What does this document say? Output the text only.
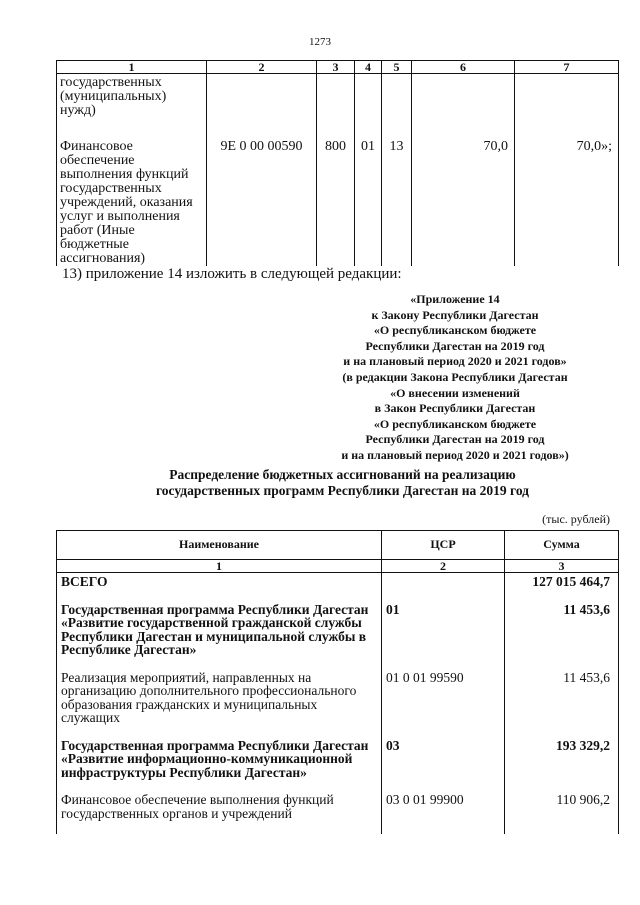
1273
1	2	3	4	5	6	7
государственных (муниципальных) нужд)						

Финансовое обеспечение выполнения функций государственных учреждений, оказания услуг и выполнения работ (Иные бюджетные ассигнования)	9Е 0 00 00590	800	01	13	70,0	70,0»;
13) приложение 14 изложить в следующей редакции:
«Приложение 14
к Закону Республики Дагестан
«О республиканском бюджете
Республики Дагестан на 2019 год
и на плановый период 2020 и 2021 годов»
(в редакции Закона Республики Дагестан
«О внесении изменений
в Закон Республики Дагестан
«О республиканском бюджете
Республики Дагестан на 2019 год
и на плановый период 2020 и 2021 годов»)
Распределение бюджетных ассигнований на реализацию
государственных программ Республики Дагестан на 2019 год
(тыс. рублей)
Наименование	ЦСР	Сумма
1	2	3
ВСЕГО		127 015 464,7

Государственная программа Республики Дагестан «Развитие государственной гражданской службы Республики Дагестан и муниципальной службы в Республике Дагестан»	01	11 453,6

Реализация мероприятий, направленных на организацию дополнительного профессионального образования гражданских и муниципальных служащих	01 0 01 99590	11 453,6

Государственная программа Республики Дагестан «Развитие информационно-коммуникационной инфраструктуры Республики Дагестан»	03	193 329,2

Финансовое обеспечение выполнения функций государственных органов и учреждений	03 0 01 99900	110 906,2
